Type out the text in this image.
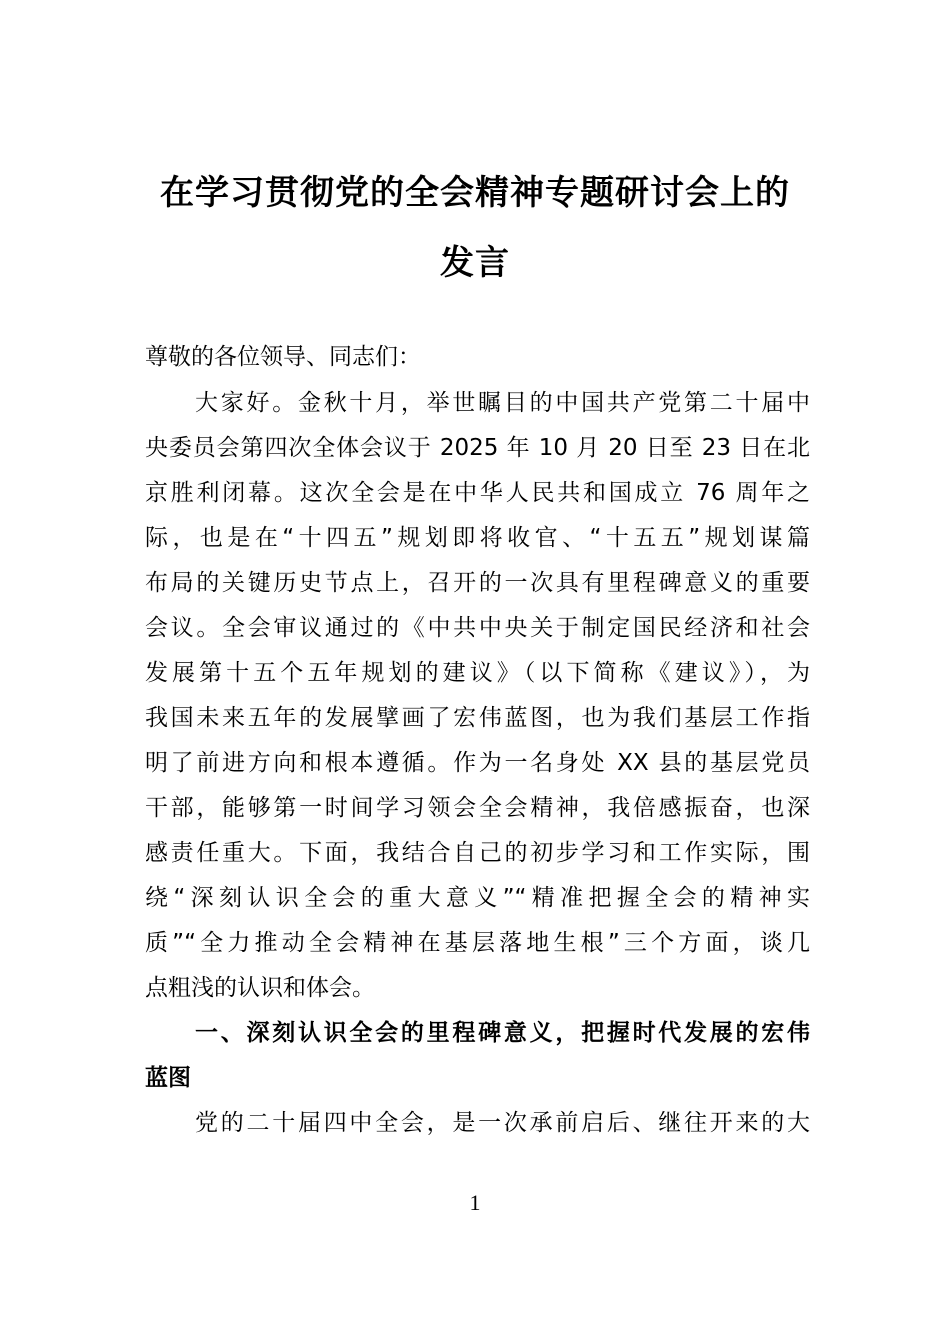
在学习贯彻党的全会精神专题研讨会上的
发言
尊敬的各位领导、同志们：
大家好。金秋十月，举世瞩目的中国共产党第二十届中
央委员会第四次全体会议于 2025 年 10 月 20 日至 23 日在北
京胜利闭幕。这次全会是在中华人民共和国成立 76 周年之
际，也是在“十四五”规划即将收官、“十五五”规划谋篇
布局的关键历史节点上，召开的一次具有里程碑意义的重要
会议。全会审议通过的《中共中央关于制定国民经济和社会
发展第十五个五年规划的建议》（以下简称《建议》），为
我国未来五年的发展擘画了宏伟蓝图，也为我们基层工作指
明了前进方向和根本遵循。作为一名身处 XX 县的基层党员
干部，能够第一时间学习领会全会精神，我倍感振奋，也深
感责任重大。下面，我结合自己的初步学习和工作实际，围
绕“深刻认识全会的重大意义”“精准把握全会的精神实
质”“全力推动全会精神在基层落地生根”三个方面，谈几
点粗浅的认识和体会。
一、深刻认识全会的里程碑意义，把握时代发展的宏伟
蓝图
党的二十届四中全会，是一次承前启后、继往开来的大
1
